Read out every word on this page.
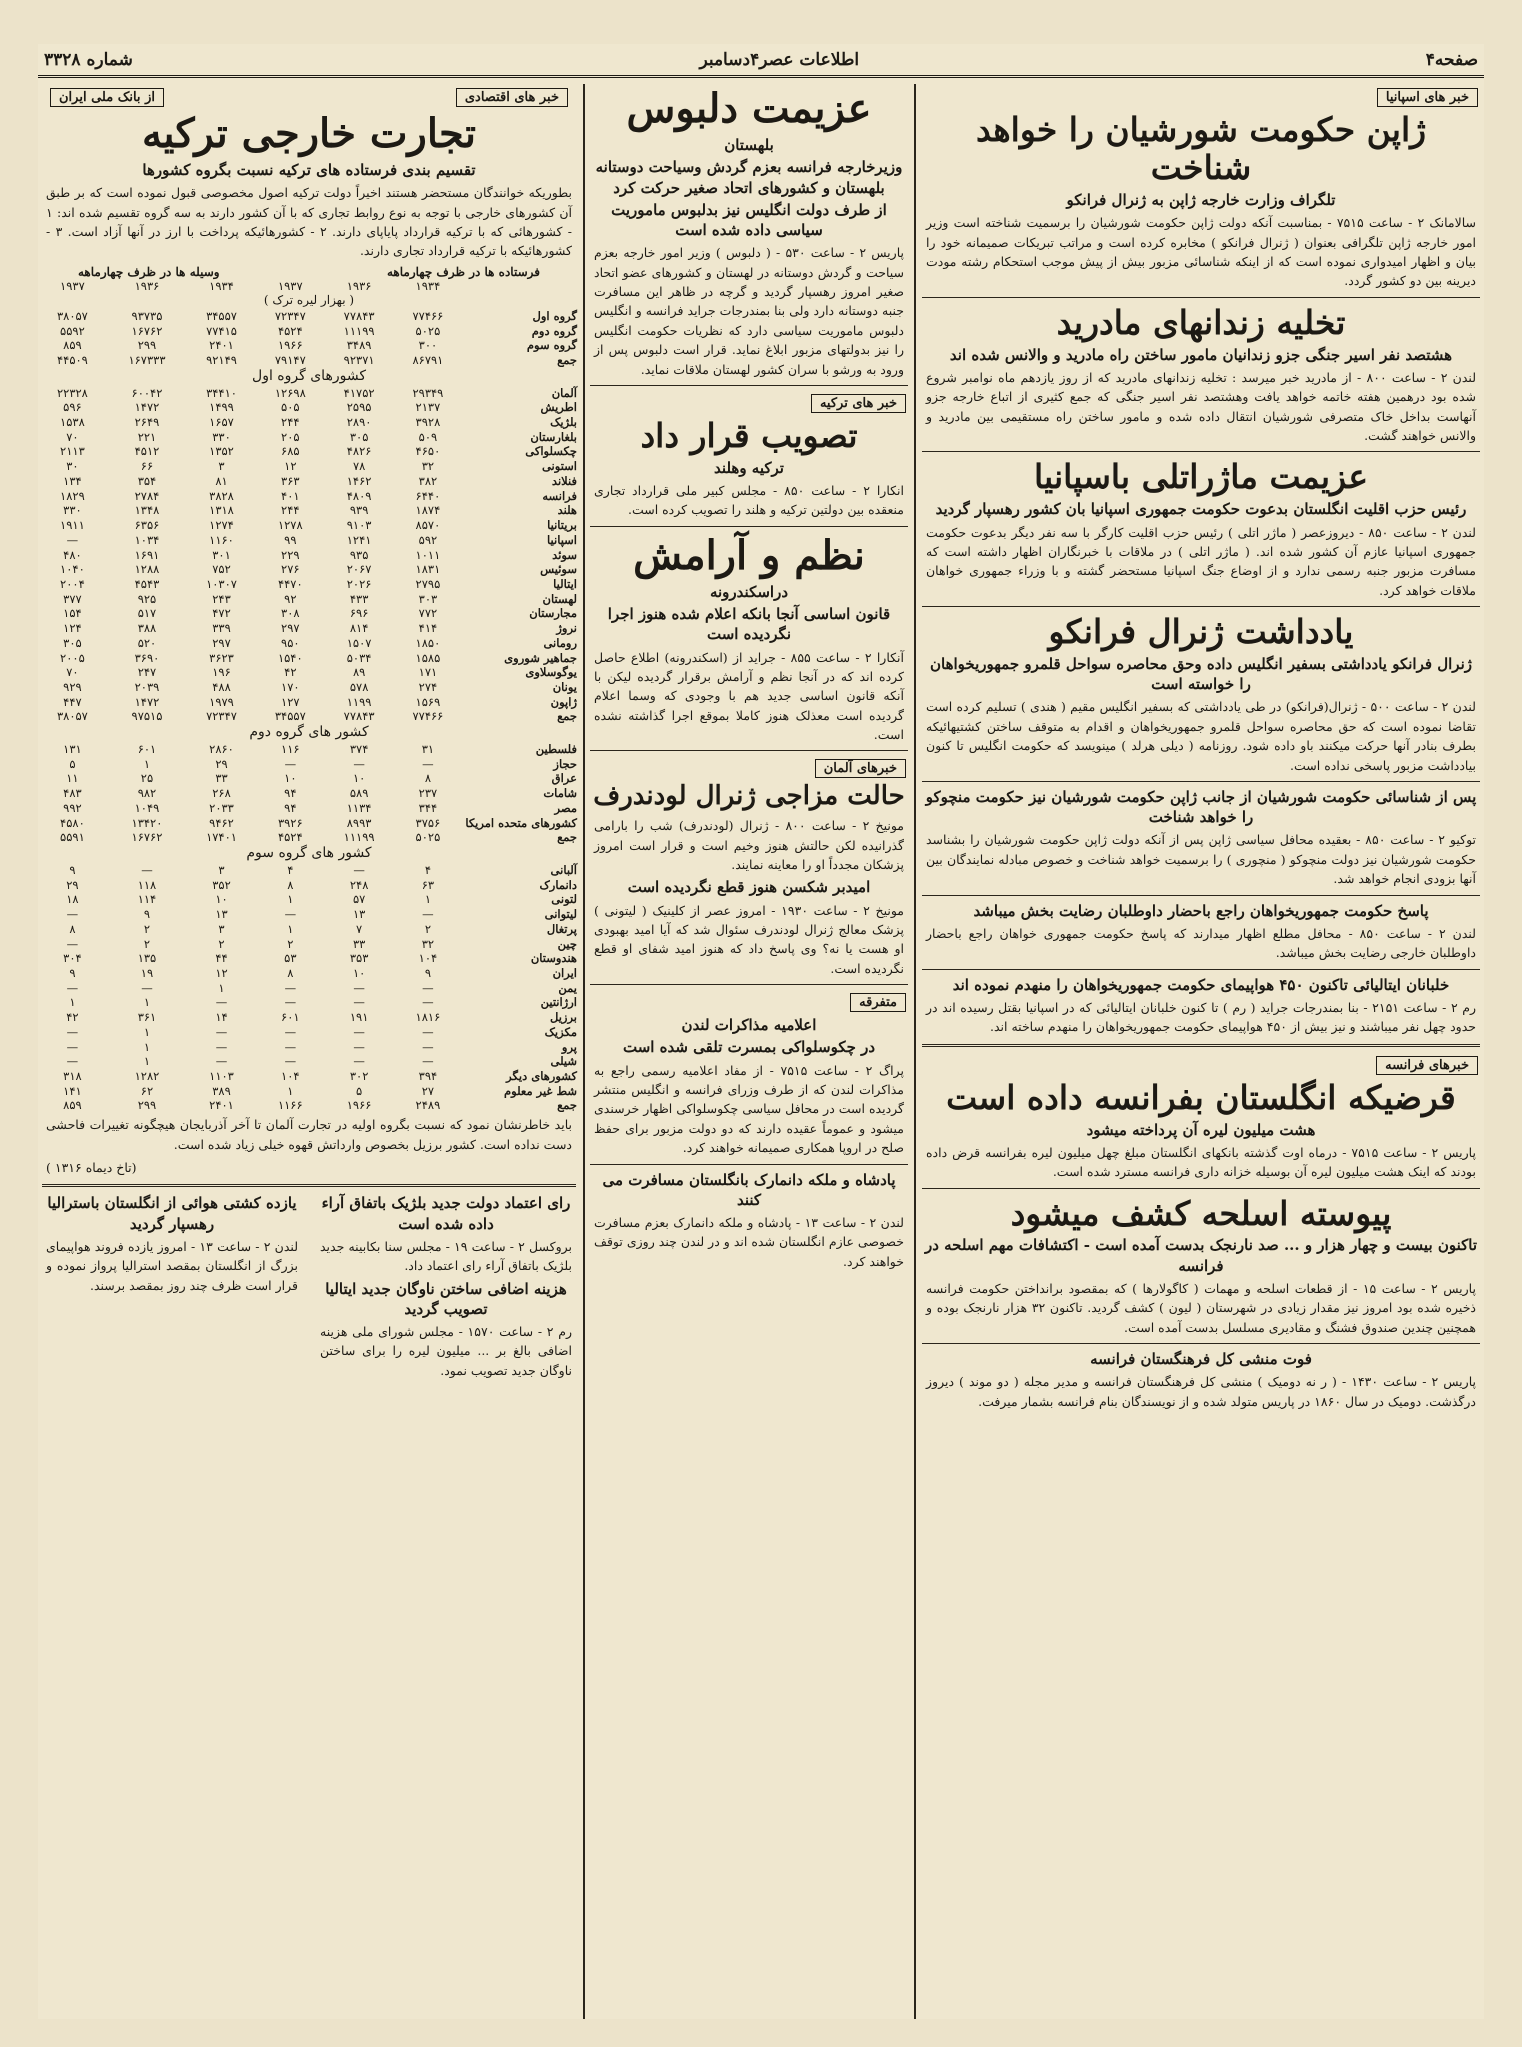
صفحه۴
اطلاعات عصر۴دسامبر
شماره ۳۳۲۸
خبر های اسپانیا
ژاپن حکومت شورشیان را خواهد شناخت
تلگراف وزارت خارجه ژاپن به ژنرال فرانکو
سالامانک ۲ - ساعت ۷۵۱۵ - بمناسبت آنکه دولت ژاپن حکومت شورشیان را برسمیت شناخته است وزیر امور خارجه ژاپن تلگرافی بعنوان ( ژنرال فرانکو ) مخابره کرده است و مراتب تبریکات صمیمانه خود را بیان و اظهار امیدواری نموده است که از اینکه شناسائی مزبور بیش از پیش موجب استحکام رشته مودت دیرینه بین دو کشور گردد.
تخلیه زندانهای مادرید
هشتصد نفر اسیر جنگی جزو زندانیان مامور ساختن راه مادرید و والانس شده اند
لندن ۲ - ساعت ۸۰۰ - از مادرید خبر میرسد : تخلیه زندانهای مادرید که از روز یازدهم ماه نوامبر شروع شده بود درهمین هفته خاتمه خواهد یافت وهشتصد نفر اسیر جنگی که جمع کثیری از اتباع خارجه جزو آنهاست بداخل خاک متصرفی شورشیان انتقال داده شده و مامور ساختن راه مستقیمی بین مادرید و والانس خواهند گشت.
عزیمت ماژراتلی باسپانیا
رئیس حزب اقلیت انگلستان بدعوت حکومت جمهوری اسپانیا بان کشور رهسپار گردید
لندن ۲ - ساعت ۸۵۰ - دیروزعصر ( ماژر اتلی ) رئیس حزب اقلیت کارگر با سه نفر دیگر بدعوت حکومت جمهوری اسپانیا عازم آن کشور شده اند. ( ماژر اتلی ) در ملاقات با خبرنگاران اظهار داشته است که مسافرت مزبور جنبه رسمی ندارد و از اوضاع جنگ اسپانیا مستحضر گشته و با وزراء جمهوری خواهان ملاقات خواهد کرد.
یادداشت ژنرال فرانکو
ژنرال فرانکو یادداشتی بسفیر انگلیس داده وحق محاصره سواحل قلمرو جمهوریخواهان را خواسته است
لندن ۲ - ساعت ۵۰۰ - ژنرال(فرانکو) در طی یادداشتی که بسفیر انگلیس مقیم ( هندی ) تسلیم کرده است تقاضا نموده است که حق محاصره سواحل قلمرو جمهوریخواهان و اقدام به متوقف ساختن کشتیهائیکه بطرف بنادر آنها حرکت میکنند باو داده شود. روزنامه ( دیلی هرلد ) مینویسد که حکومت انگلیس تا کنون بیادداشت مزبور پاسخی نداده است.
پس از شناسائی حکومت شورشیان از جانب ژاپن حکومت شورشیان نیز حکومت منچوکو را خواهد شناخت
توکیو ۲ - ساعت ۸۵۰ - بعقیده محافل سیاسی ژاپن پس از آنکه دولت ژاپن حکومت شورشیان را بشناسد حکومت شورشیان نیز دولت منچوکو ( منچوری ) را برسمیت خواهد شناخت و خصوص مبادله نمایندگان بین آنها بزودی انجام خواهد شد.
پاسخ حکومت جمهوریخواهان راجع باحضار داوطلبان رضایت بخش میباشد
لندن ۲ - ساعت ۸۵۰ - محافل مطلع اظهار میدارند که پاسخ حکومت جمهوری خواهان راجع باحضار داوطلبان خارجی رضایت بخش میباشد.
خلبانان ایتالیائی تاکنون ۴۵۰ هواپیمای حکومت جمهوریخواهان را منهدم نموده اند
رم ۲ - ساعت ۲۱۵۱ - بنا بمندرجات جراید ( رم ) تا کنون خلبانان ایتالیائی که در اسپانیا بقتل رسیده اند در حدود چهل نفر میباشند و نیز بیش از ۴۵۰ هواپیمای حکومت جمهوریخواهان را منهدم ساخته اند.
خبرهای فرانسه
قرضیکه انگلستان بفرانسه داده است
هشت میلیون لیره آن پرداخته میشود
پاریس ۲ - ساعت ۷۵۱۵ - درماه اوت گذشته بانکهای انگلستان مبلغ چهل میلیون لیره بفرانسه قرض داده بودند که اینک هشت میلیون لیره آن بوسیله خزانه داری فرانسه مسترد شده است.
پیوسته اسلحه کشف میشود
تاکنون بیست و چهار هزار و ... صد نارنجک بدست آمده است - اکتشافات مهم اسلحه در فرانسه
پاریس ۲ - ساعت ۱۵ - از قطعات اسلحه و مهمات ( کاگولارها ) که بمقصود برانداختن حکومت فرانسه ذخیره شده بود امروز نیز مقدار زیادی در شهرستان ( لیون ) کشف گردید. تاکنون ۳۲ هزار نارنجک بوده و همچنین چندین صندوق فشنگ و مقادیری مسلسل بدست آمده است.
فوت منشی کل فرهنگستان فرانسه
پاریس ۲ - ساعت ۱۴۳۰ - ( ر نه دومیک ) منشی کل فرهنگستان فرانسه و مدیر مجله ( دو موند ) دیروز درگذشت. دومیک در سال ۱۸۶۰ در پاریس متولد شده و از نویسندگان بنام فرانسه بشمار میرفت.
عزیمت دلبوس
بلهستان
وزیرخارجه فرانسه بعزم گردش وسیاحت دوستانه بلهستان و کشورهای اتحاد صغیر حرکت کرد
از طرف دولت انگلیس نیز بدلبوس ماموریت سیاسی داده شده است
پاریس ۲ - ساعت ۵۳۰ - ( دلبوس ) وزیر امور خارجه بعزم سیاحت و گردش دوستانه در لهستان و کشورهای عضو اتحاد صغیر امروز رهسپار گردید و گرچه در ظاهر این مسافرت جنبه دوستانه دارد ولی بنا بمندرجات جراید فرانسه و انگلیس دلبوس ماموریت سیاسی دارد که نظریات حکومت انگلیس را نیز بدولتهای مزبور ابلاغ نماید. قرار است دلبوس پس از ورود به ورشو با سران کشور لهستان ملاقات نماید.
خبر های ترکیه
تصویب قرار داد
ترکیه وهلند
انکارا ۲ - ساعت ۸۵۰ - مجلس کبیر ملی قرارداد تجاری منعقده بین دولتین ترکیه و هلند را تصویب کرده است.
نظم و آرامش
دراسکندرونه
قانون اساسی آنجا بانکه اعلام شده هنوز اجرا نگردیده است
آنکارا ۲ - ساعت ۸۵۵ - جراید از (اسکندرونه) اطلاع حاصل کرده اند که در آنجا نظم و آرامش برقرار گردیده لیکن با آنکه قانون اساسی جدید هم با وجودی که وسما اعلام گردیده است معذلک هنوز کاملا بموقع اجرا گذاشته نشده است.
خبرهای آلمان
حالت مزاجی ژنرال لودندرف
مونیخ ۲ - ساعت ۸۰۰ - ژنرال (لودندرف) شب را بارامی گذرانیده لکن حالتش هنوز وخیم است و قرار است امروز پزشکان مجدداً او را معاینه نمایند.
امیدبر شکسن هنوز قطع نگردیده است
مونیخ ۲ - ساعت ۱۹۳۰ - امروز عصر از کلینیک ( لیتونی ) پزشک معالج ژنرال لودندرف سئوال شد که آیا امید بهبودی او هست یا نه؟ وی پاسخ داد که هنوز امید شفای او قطع نگردیده است.
متفرقه
اعلامیه مذاکرات لندن
در چکوسلواکی بمسرت تلقی شده است
پراگ ۲ - ساعت ۷۵۱۵ - از مفاد اعلامیه رسمی راجع به مذاکرات لندن که از طرف وزرای فرانسه و انگلیس منتشر گردیده است در محافل سیاسی چکوسلواکی اظهار خرسندی میشود و عموماً عقیده دارند که دو دولت مزبور برای حفظ صلح در اروپا همکاری صمیمانه خواهند کرد.
پادشاه و ملکه دانمارک بانگلستان مسافرت می کنند
لندن ۲ - ساعت ۱۳ - پادشاه و ملکه دانمارک بعزم مسافرت خصوصی عازم انگلستان شده اند و در لندن چند روزی توقف خواهند کرد.
خبر های اقتصادی
از بانک ملی ایران
تجارت خارجی ترکیه
تقسیم بندی فرستاده های ترکیه نسبت بگروه کشورها
بطوریکه خوانندگان مستحضر هستند اخیراً دولت ترکیه اصول مخصوصی قبول نموده است که بر طبق آن کشورهای خارجی با توجه به نوع روابط تجاری که با آن کشور دارند به سه گروه تقسیم شده اند: ۱ - کشورهائی که با ترکیه قرارداد پایاپای دارند. ۲ - کشورهائیکه پرداخت با ارز در آنها آزاد است. ۳ - کشورهائیکه با ترکیه قرارداد تجاری دارند.
فرستاده ها در ظرف چهارماهه
وسیله ها در ظرف چهارماهه
	۱۹۳۴	۱۹۳۶	۱۹۳۷	۱۹۳۴	۱۹۳۶	۱۹۳۷
( بهزار لیره ترک )						
گروه اول	۷۷۴۶۶	۷۷۸۴۳	۷۲۳۴۷	۳۴۵۵۷	۹۳۷۳۵	۳۸۰۵۷
گروه دوم	۵۰۲۵	۱۱۱۹۹	۴۵۲۴	۷۷۴۱۵	۱۶۷۶۲	۵۵۹۲
گروه سوم	۳۰۰	۳۴۸۹	۱۹۶۶	۲۴۰۱	۲۹۹	۸۵۹
جمع	۸۶۷۹۱	۹۲۳۷۱	۷۹۱۴۷	۹۲۱۴۹	۱۶۷۳۳۳	۴۴۵۰۹
کشورهای گروه اول						
آلمان	۲۹۳۴۹	۴۱۷۵۲	۱۲۶۹۸	۳۴۴۱۰	۶۰۰۴۲	۲۲۳۲۸
اطریش	۲۱۳۷	۲۵۹۵	۵۰۵	۱۴۹۹	۱۴۷۲	۵۹۶
بلژیک	۳۹۲۸	۲۸۹۰	۲۴۴	۱۶۵۷	۲۶۴۹	۱۵۳۸
بلغارستان	۵۰۹	۳۰۵	۲۰۵	۳۳۰	۲۲۱	۷۰
چکسلواکی	۴۶۵۰	۴۸۲۶	۶۸۵	۱۳۵۲	۴۵۱۲	۲۱۱۳
استونی	۳۲	۷۸	۱۲	۳	۶۶	۳۰
فنلاند	۳۸۲	۱۴۶۲	۳۶۳	۸۱	۳۵۴	۱۳۴
فرانسه	۶۴۴۰	۴۸۰۹	۴۰۱	۳۸۲۸	۲۷۸۴	۱۸۲۹
هلند	۱۸۷۴	۹۳۹	۲۴۴	۱۳۱۸	۱۳۴۸	۳۳۰
بریتانیا	۸۵۷۰	۹۱۰۳	۱۲۷۸	۱۲۷۴	۶۳۵۶	۱۹۱۱
اسپانیا	۵۹۲	۱۲۴۱	۹۹	۱۱۶۰	۱۰۳۴	—
سوئد	۱۰۱۱	۹۳۵	۲۲۹	۳۰۱	۱۶۹۱	۴۸۰
سوئیس	۱۸۳۱	۲۰۶۷	۲۷۶	۷۵۲	۱۲۸۸	۱۰۴۰
ایتالیا	۲۷۹۵	۲۰۲۶	۴۴۷۰	۱۰۳۰۷	۴۵۴۳	۲۰۰۴
لهستان	۳۰۳	۴۳۳	۹۲	۲۴۳	۹۲۵	۳۷۷
مجارستان	۷۷۲	۶۹۶	۳۰۸	۴۷۲	۵۱۷	۱۵۴
نروژ	۴۱۴	۸۱۴	۲۹۷	۳۳۹	۳۸۸	۱۲۴
رومانی	۱۸۵۰	۱۵۰۷	۹۵۰	۲۹۷	۵۲۰	۳۰۵
جماهیر شوروی	۱۵۸۵	۵۰۳۴	۱۵۴۰	۳۶۲۳	۳۶۹۰	۲۰۰۵
یوگوسلاوی	۱۷۱	۸۹	۴۲	۱۹۶	۲۴۷	۷۰
یونان	۲۷۴	۵۷۸	۱۷۰	۴۸۸	۲۰۳۹	۹۲۹
ژاپون	۱۵۶۹	۱۱۹۹	۱۲۷	۱۹۷۹	۱۴۷۲	۴۴۷
جمع	۷۷۴۶۶	۷۷۸۴۳	۳۴۵۵۷	۷۲۳۴۷	۹۷۵۱۵	۳۸۰۵۷
کشور های گروه دوم						
فلسطین	۳۱	۳۷۴	۱۱۶	۲۸۶۰	۶۰۱	۱۳۱
حجاز	—	—	—	۲۹	۱	۵
عراق	۸	۱۰	۱۰	۳۳	۲۵	۱۱
شامات	۲۳۷	۵۸۹	۹۴	۲۶۸	۹۸۲	۴۸۳
مصر	۳۴۴	۱۱۳۴	۹۴	۲۰۳۳	۱۰۴۹	۹۹۲
کشورهای متحده امریکا	۳۷۵۶	۸۹۹۳	۳۹۲۶	۹۴۶۲	۱۳۴۲۰	۴۵۸۰
جمع	۵۰۲۵	۱۱۱۹۹	۴۵۲۴	۱۷۴۰۱	۱۶۷۶۲	۵۵۹۱
کشور های گروه سوم						
آلبانی	۴	—	۴	۳	—	۹
دانمارک	۶۳	۲۴۸	۸	۳۵۲	۱۱۸	۲۹
لتونی	۱	۵۷	۱	۱۰	۱۱۴	۱۸
لیتوانی	—	۱۳	—	۱۳	۹	—
پرتغال	۲	۷	۱	۳	۲	۸
چین	۳۲	۳۳	۲	۲	۲	—
هندوستان	۱۰۴	۳۵۳	۵۳	۴۴	۱۳۵	۳۰۴
ایران	۹	۱۰	۸	۱۲	۱۹	۹
یمن	—	—	—	۱	—	—
ارژانتین	—	—	—	—	۱	۱
برزیل	۱۸۱۶	۱۹۱	۶۰۱	۱۴	۳۶۱	۴۲
مکزیک	—	—	—	—	۱	—
پرو	—	—	—	—	۱	—
شیلی	—	—	—	—	۱	—
کشورهای دیگر	۳۹۴	۳۰۲	۱۰۴	۱۱۰۳	۱۲۸۲	۳۱۸
شط غیر معلوم	۲۷	۵	۱	۳۸۹	۶۲	۱۴۱
جمع	۲۴۸۹	۱۹۶۶	۱۱۶۶	۲۴۰۱	۲۹۹	۸۵۹
باید خاطرنشان نمود که نسبت بگروه اولیه در تجارت آلمان تا آخر آذربایجان هیچگونه تغییرات فاحشی دست نداده است. کشور برزیل بخصوص وارداتش قهوه خیلی زیاد شده است.
(تاخ دیماه ۱۳۱۶ )
رای اعتماد دولت جدید بلژیک باتفاق آراء داده شده است
بروکسل ۲ - ساعت ۱۹ - مجلس سنا بکابینه جدید بلژیک باتفاق آراء رای اعتماد داد.
هزینه اضافی ساختن ناوگان جدید ایتالیا تصویب گردید
رم ۲ - ساعت ۱۵۷۰ - مجلس شورای ملی هزینه اضافی بالغ بر ... میلیون لیره را برای ساختن ناوگان جدید تصویب نمود.
یازده کشتی هوائی از انگلستان باسترالیا رهسپار گردید
لندن ۲ - ساعت ۱۳ - امروز یازده فروند هواپیمای بزرگ از انگلستان بمقصد استرالیا پرواز نموده و قرار است ظرف چند روز بمقصد برسند.
